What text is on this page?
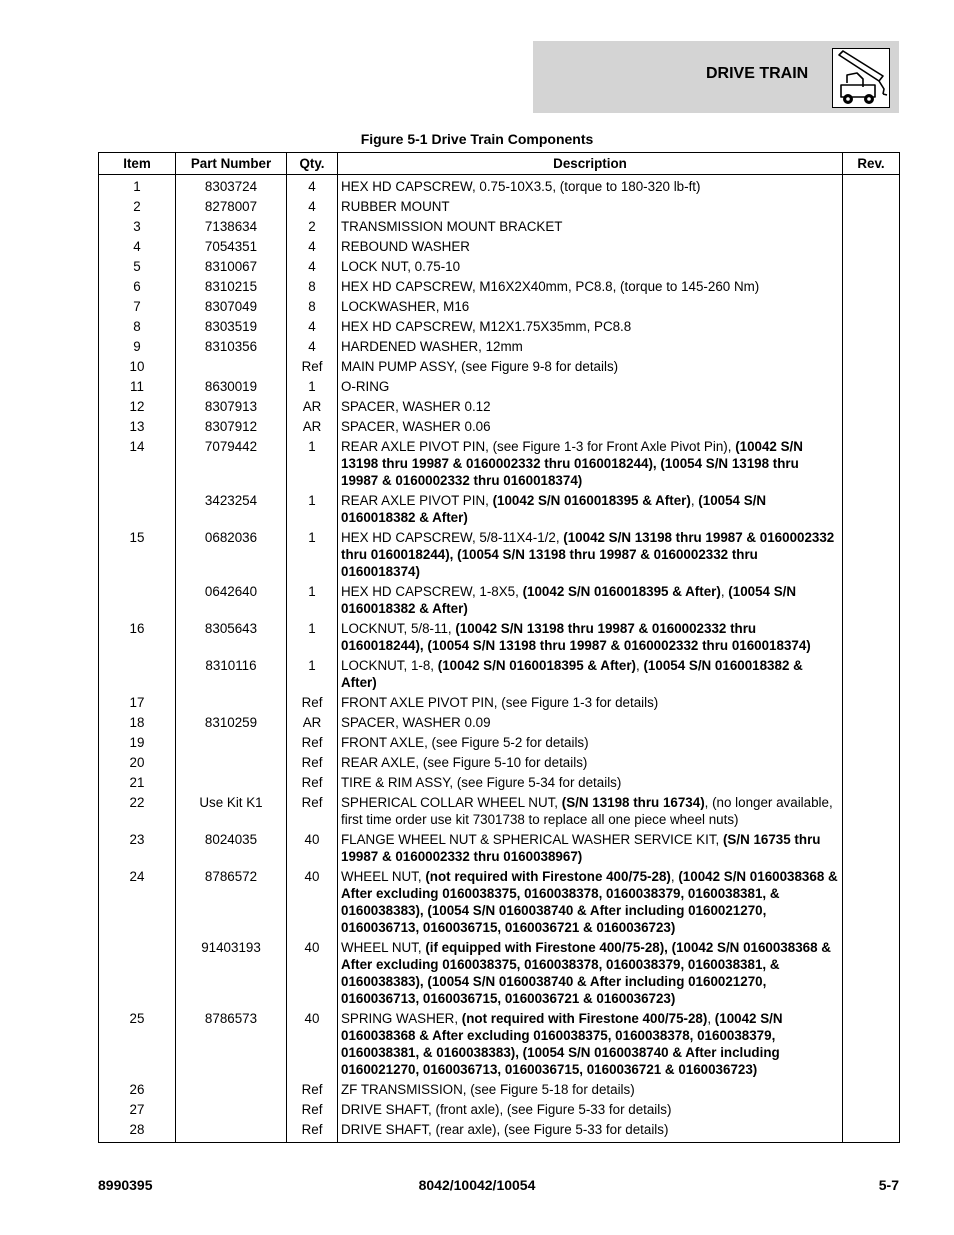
DRIVE TRAIN
Figure 5-1 Drive Train Components
Item	Part Number	Qty.	Description	Rev.
1	8303724	4	HEX HD CAPSCREW, 0.75-10X3.5, (torque to 180-320 lb-ft)	
2	8278007	4	RUBBER MOUNT	
3	7138634	2	TRANSMISSION MOUNT BRACKET	
4	7054351	4	REBOUND WASHER	
5	8310067	4	LOCK NUT, 0.75-10	
6	8310215	8	HEX HD CAPSCREW, M16X2X40mm, PC8.8, (torque to 145-260 Nm)	
7	8307049	8	LOCKWASHER, M16	
8	8303519	4	HEX HD CAPSCREW, M12X1.75X35mm, PC8.8	
9	8310356	4	HARDENED WASHER, 12mm	
10		Ref	MAIN PUMP ASSY, (see Figure 9-8 for details)	
11	8630019	1	O-RING	
12	8307913	AR	SPACER, WASHER 0.12	
13	8307912	AR	SPACER, WASHER 0.06	
14	7079442	1	REAR AXLE PIVOT PIN, (see Figure 1-3 for Front Axle Pivot Pin), (10042 S/N 13198 thru 19987 & 0160002332 thru 0160018244), (10054 S/N 13198 thru 19987 & 0160002332 thru 0160018374)	
	3423254	1	REAR AXLE PIVOT PIN, (10042 S/N 0160018395 & After), (10054 S/N 0160018382 & After)	
15	0682036	1	HEX HD CAPSCREW, 5/8-11X4-1/2, (10042 S/N 13198 thru 19987 & 0160002332 thru 0160018244), (10054 S/N 13198 thru 19987 & 0160002332 thru 0160018374)	
	0642640	1	HEX HD CAPSCREW, 1-8X5, (10042 S/N 0160018395 & After), (10054 S/N 0160018382 & After)	
16	8305643	1	LOCKNUT, 5/8-11, (10042 S/N 13198 thru 19987 & 0160002332 thru 0160018244), (10054 S/N 13198 thru 19987 & 0160002332 thru 0160018374)	
	8310116	1	LOCKNUT, 1-8, (10042 S/N 0160018395 & After), (10054 S/N 0160018382 & After)	
17		Ref	FRONT AXLE PIVOT PIN, (see Figure 1-3 for details)	
18	8310259	AR	SPACER, WASHER 0.09	
19		Ref	FRONT AXLE, (see Figure 5-2 for details)	
20		Ref	REAR AXLE, (see Figure 5-10 for details)	
21		Ref	TIRE & RIM ASSY, (see Figure 5-34 for details)	
22	Use Kit K1	Ref	SPHERICAL COLLAR WHEEL NUT, (S/N 13198 thru 16734), (no longer available, first time order use kit 7301738 to replace all one piece wheel nuts)	
23	8024035	40	FLANGE WHEEL NUT & SPHERICAL WASHER SERVICE KIT, (S/N 16735 thru 19987 & 0160002332 thru 0160038967)	
24	8786572	40	WHEEL NUT, (not required with Firestone 400/75-28), (10042 S/N 0160038368 & After excluding 0160038375, 0160038378, 0160038379, 0160038381, & 0160038383), (10054 S/N 0160038740 & After including 0160021270, 0160036713, 0160036715, 0160036721 & 0160036723)	
	91403193	40	WHEEL NUT, (if equipped with Firestone 400/75-28), (10042 S/N 0160038368 & After excluding 0160038375, 0160038378, 0160038379, 0160038381, & 0160038383), (10054 S/N 0160038740 & After including 0160021270, 0160036713, 0160036715, 0160036721 & 0160036723)	
25	8786573	40	SPRING WASHER, (not required with Firestone 400/75-28), (10042 S/N 0160038368 & After excluding 0160038375, 0160038378, 0160038379, 0160038381, & 0160038383), (10054 S/N 0160038740 & After including 0160021270, 0160036713, 0160036715, 0160036721 & 0160036723)	
26		Ref	ZF TRANSMISSION, (see Figure 5-18 for details)	
27		Ref	DRIVE SHAFT, (front axle), (see Figure 5-33 for details)	
28		Ref	DRIVE SHAFT, (rear axle), (see Figure 5-33 for details)	
8990395	8042/10042/10054	5-7
